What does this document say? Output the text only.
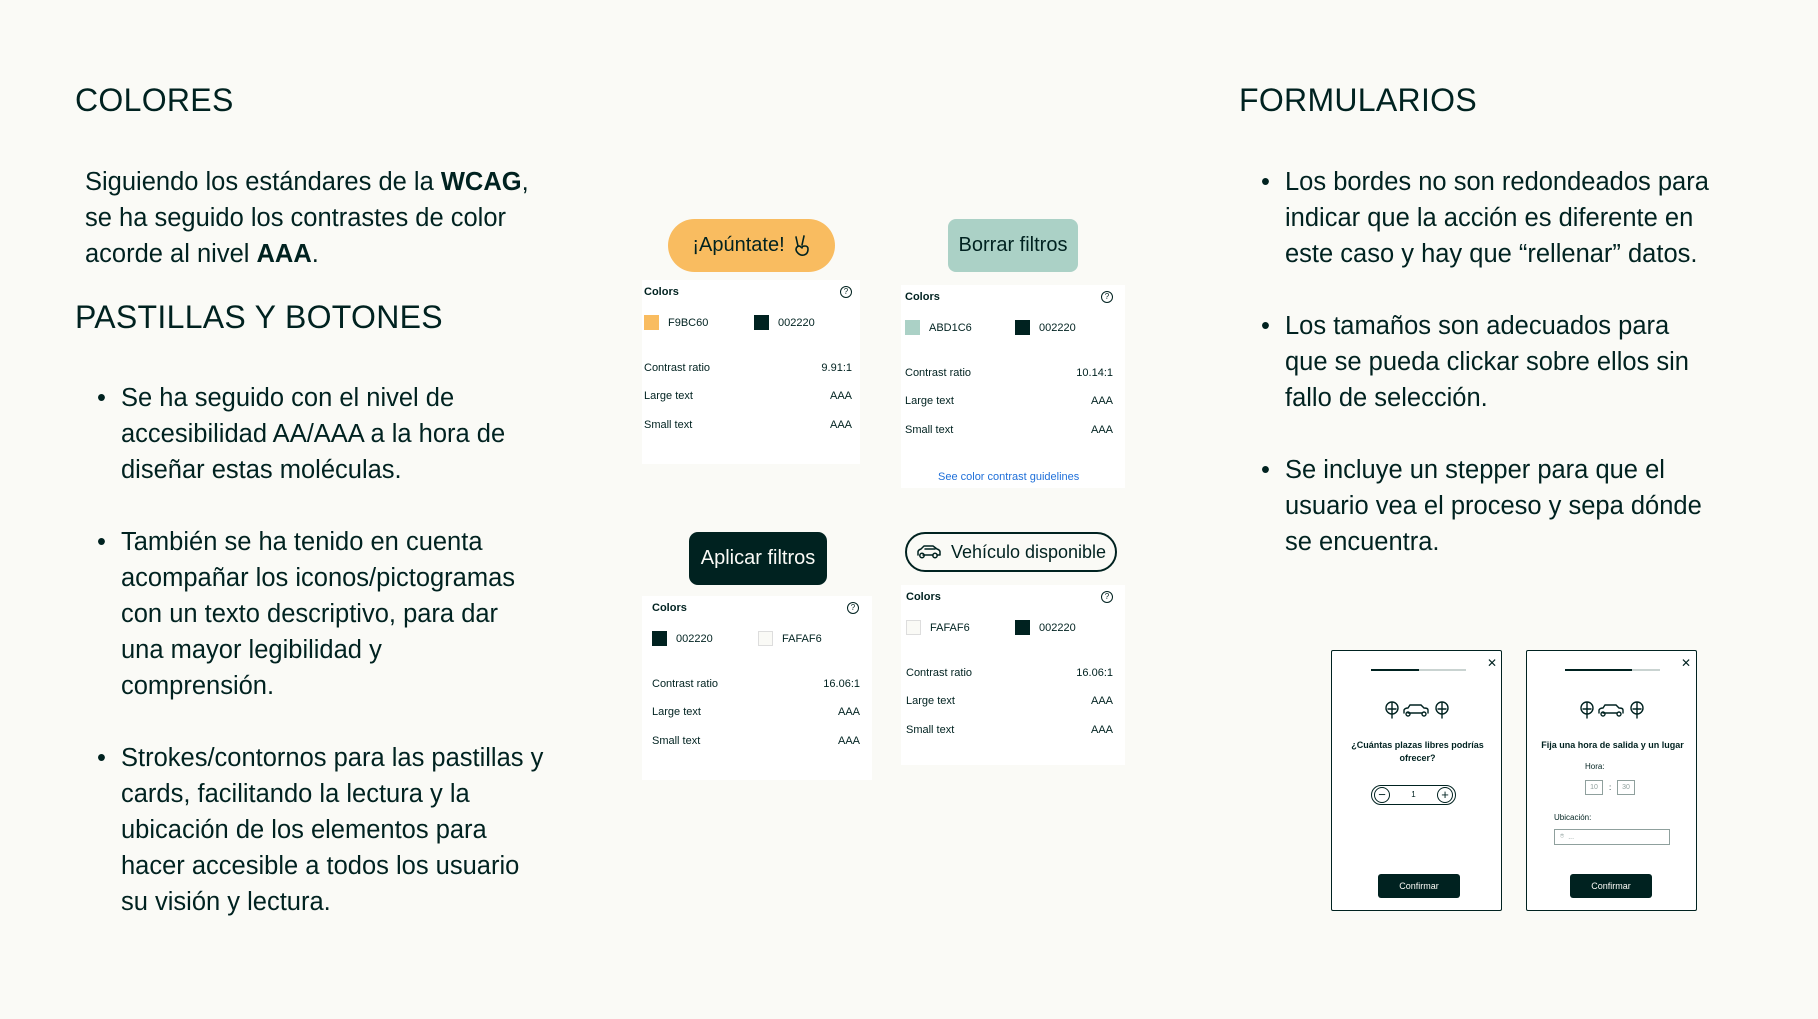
COLORES
Siguiendo los estándares de la WCAG,
se ha seguido los contrastes de color
acorde al nivel AAA.
PASTILLAS Y BOTONES
• Se ha seguido con el nivel de
accesibilidad AA/AAA a la hora de
diseñar estas moléculas.
• También se ha tenido en cuenta
acompañar los iconos/pictogramas
con un texto descriptivo, para dar
una mayor legibilidad y
comprensión.
• Strokes/contornos para las pastillas y
cards, facilitando la lectura y la
ubicación de los elementos para
hacer accesible a todos los usuario
su visión y lectura.
¡Apúntate!	Borrar filtros
Aplicar filtros	Vehículo disponible
Colors	?
F9BC60	002220
Contrast ratio	9.91:1
Large text	AAA
Small text	AAA
Colors	?
ABD1C6	002220
Contrast ratio	10.14:1
Large text	AAA
Small text	AAA
See color contrast guidelines
Colors	?
002220	FAFAF6
Contrast ratio	16.06:1
Large text	AAA
Small text	AAA
Colors	?
FAFAF6	002220
Contrast ratio	16.06:1
Large text	AAA
Small text	AAA
FORMULARIOS
• Los bordes no son redondeados para
indicar que la acción es diferente en
este caso y hay que “rellenar” datos.
• Los tamaños son adecuados para
que se pueda clickar sobre ellos sin
fallo de selección.
• Se incluye un stepper para que el
usuario vea el proceso y sepa dónde
se encuentra.
✕
¿Cuántas plazas libres podrías ofrecer?
−	1	+
Confirmar
✕
Fija una hora de salida y un lugar
Hora:
10	:	30
Ubicación:
⌾ ...
Confirmar
